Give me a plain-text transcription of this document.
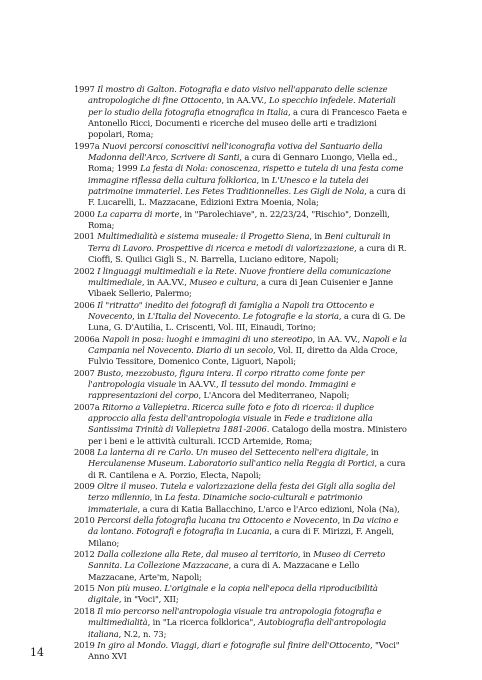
1997 Il mostro di Galton. Fotografia e dato visivo nell'apparato delle scienze antropologiche di fine Ottocento, in AA.VV., Lo specchio infedele. Materiali per lo studio della fotografia etnografica in Italia, a cura di Francesco Faeta e Antonello Ricci, Documenti e ricerche del museo delle arti e tradizioni popolari, Roma;

1997a Nuovi percorsi conoscitivi nell'iconografia votiva del Santuario della Madonna dell'Arco, Scrivere di Santi, a cura di Gennaro Luongo, Viella ed., Roma; 1999 La festa di Nola: conoscenza, rispetto e tutela di una festa come immagine riflessa della cultura folklorica, in L'Unesco e la tutela dei patrimoine immateriel. Les Fetes Traditionnelles. Les Gigli de Nola, a cura di F. Lucarelli, L. Mazzacane, Edizioni Extra Moenia, Nola;

2000 La caparra di morte, in "Parolechiave", n. 22/23/24, "Rischio", Donzelli, Roma;

2001 Multimedialità e sistema museale: il Progetto Siena, in Beni culturali in Terra di Lavoro. Prospettive di ricerca e metodi di valorizzazione, a cura di R. Cioffi, S. Quilici Gigli S., N. Barrella, Luciano editore, Napoli;

2002 I linguaggi multimediali e la Rete. Nuove frontiere della comunicazione multimediale, in AA.VV., Museo e cultura, a cura di Jean Cuisenier e Janne Vibaek Sellerio, Palermo;

2006 Il "ritratto" inedito dei fotografi di famiglia a Napoli tra Ottocento e Novecento, in L'Italia del Novecento. Le fotografie e la storia, a cura di G. De Luna, G. D'Autilia, L. Criscenti, Vol. III, Einaudi, Torino;

2006a Napoli in posa: luoghi e immagini di uno stereotipo, in AA. VV., Napoli e la Campania nel Novecento. Diario di un secolo, Vol. II, diretto da Alda Croce, Fulvio Tessitore, Domenico Conte, Liguori, Napoli;

2007 Busto, mezzobusto, figura intera. Il corpo ritratto come fonte per l'antropologia visuale in AA.VV., Il tessuto del mondo. Immagini e rappresentazioni del corpo, L'Ancora del Mediterraneo, Napoli;

2007a Ritorno a Vallepietra. Ricerca sulle foto e foto di ricerca: il duplice approccio alla festa dell'antropologia visuale in Fede e tradizione alla Santissima Trinità di Vallepietra 1881-2006. Catalogo della mostra. Ministero per i beni e le attività culturali. ICCD Artemide, Roma;

2008 La lanterna di re Carlo. Un museo del Settecento nell'era digitale, in Herculanense Museum. Laboratorio sull'antico nella Reggia di Portici, a cura di R. Cantilena e A. Porzio, Electa, Napoli;

2009 Oltre il museo. Tutela e valorizzazione della festa dei Gigli alla soglia del terzo millennio, in La festa. Dinamiche socio-culturali e patrimonio immateriale, a cura di Katia Ballacchino, L'arco e l'Arco edizioni, Nola (Na),

2010 Percorsi della fotografia lucana tra Ottocento e Novecento, in Da vicino e da lontano. Fotografi e fotografia in Lucania, a cura di F. Mirizzi, F. Angeli, Milano;

2012 Dalla collezione alla Rete, dal museo al territorio, in Museo di Cerreto Sannita. La Collezione Mazzacane, a cura di A. Mazzacane e Lello Mazzacane, Arte'm, Napoli;

2015 Non più museo. L'originale e la copia nell'epoca della riproducibilità digitale, in "Voci", XII;

2018 Il mio percorso nell'antropologia visuale tra antropologia fotografia e multimedialità, in "La ricerca folklorica", Autobiografia dell'antropologia italiana, N.2, n. 73;

2019 In giro al Mondo. Viaggi, diari e fotografie sul finire dell'Ottocento, "Voci" Anno XVI

14
